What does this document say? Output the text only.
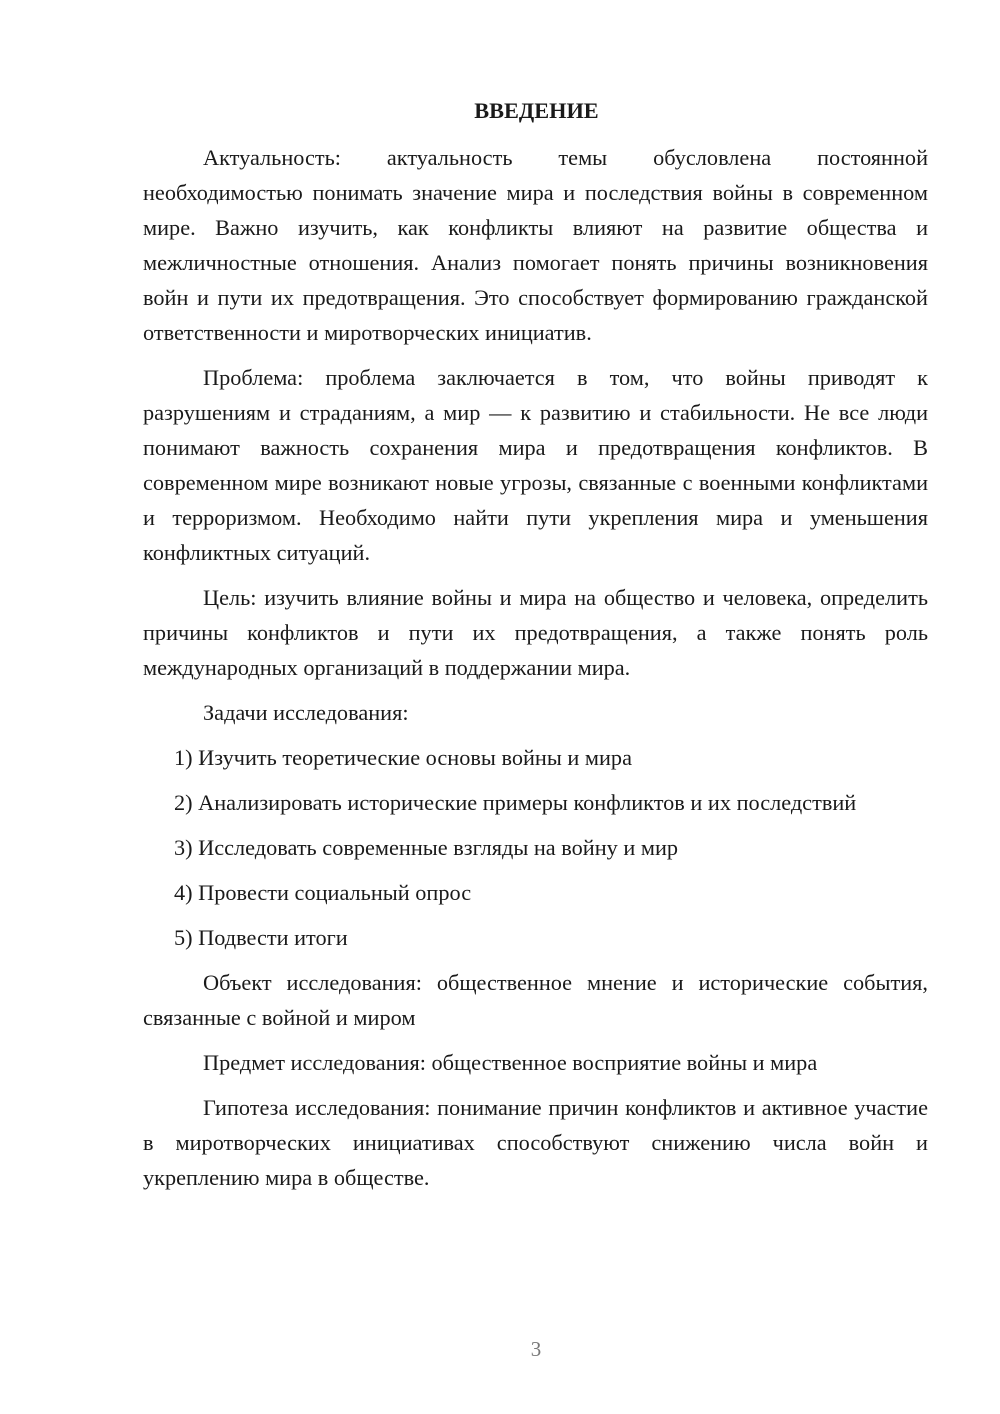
ВВЕДЕНИЕ

Актуальность: актуальность темы обусловлена постоянной необходимостью понимать значение мира и последствия войны в современном мире. Важно изучить, как конфликты влияют на развитие общества и межличностные отношения. Анализ помогает понять причины возникновения войн и пути их предотвращения. Это способствует формированию гражданской ответственности и миротворческих инициатив.

Проблема: проблема заключается в том, что войны приводят к разрушениям и страданиям, а мир — к развитию и стабильности. Не все люди понимают важность сохранения мира и предотвращения конфликтов. В современном мире возникают новые угрозы, связанные с военными конфликтами и терроризмом. Необходимо найти пути укрепления мира и уменьшения конфликтных ситуаций.

Цель: изучить влияние войны и мира на общество и человека, определить причины конфликтов и пути их предотвращения, а также понять роль международных организаций в поддержании мира.

Задачи исследования:

1) Изучить теоретические основы войны и мира

2) Анализировать исторические примеры конфликтов и их последствий

3) Исследовать современные взгляды на войну и мир

4) Провести социальный опрос

5) Подвести итоги

Объект исследования: общественное мнение и исторические события, связанные с войной и миром

Предмет исследования: общественное восприятие войны и мира

Гипотеза исследования: понимание причин конфликтов и активное участие в миротворческих инициативах способствуют снижению числа войн и укреплению мира в обществе.

3
